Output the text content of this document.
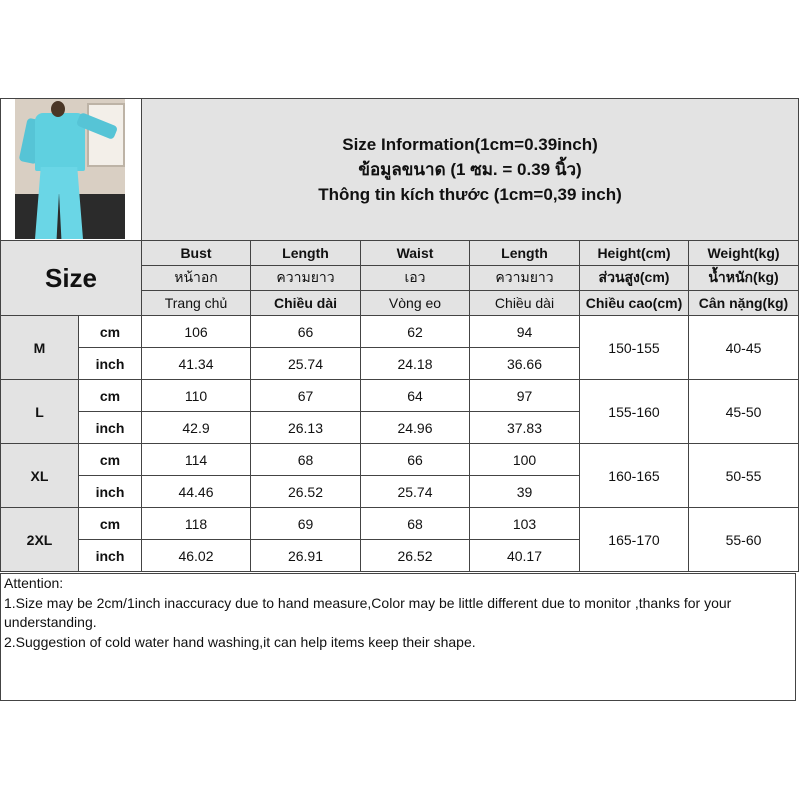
		Size Information(1cm=0.39inch)
ข้อมูลขนาด (1 ซม. = 0.39 นิ้ว)
Thông tin kích thước (1cm=0,39 inch)					

Size		Bust	Length	Waist	Length	Height(cm)	Weight(kg)
		หน้าอก	ความยาว	เอว	ความยาว	ส่วนสูง(cm)	น้ำหนัก(kg)
		Trang chủ	Chiều dài	Vòng eo	Chiều dài	Chiều cao(cm)	Cân nặng(kg)
M	cm	106	66	62	94	150-155	40-45
	inch	41.34	25.74	24.18	36.66		
L	cm	110	67	64	97	155-160	45-50
	inch	42.9	26.13	24.96	37.83		
XL	cm	114	68	66	100	160-165	50-55
	inch	44.46	26.52	25.74	39		
2XL	cm	118	69	68	103	165-170	55-60
	inch	46.02	26.91	26.52	40.17		
Attention:
1.Size may be 2cm/1inch inaccuracy due to hand measure,Color may be little different due to monitor ,thanks for your understanding.
2.Suggestion of cold water hand washing,it can help items keep their shape.
